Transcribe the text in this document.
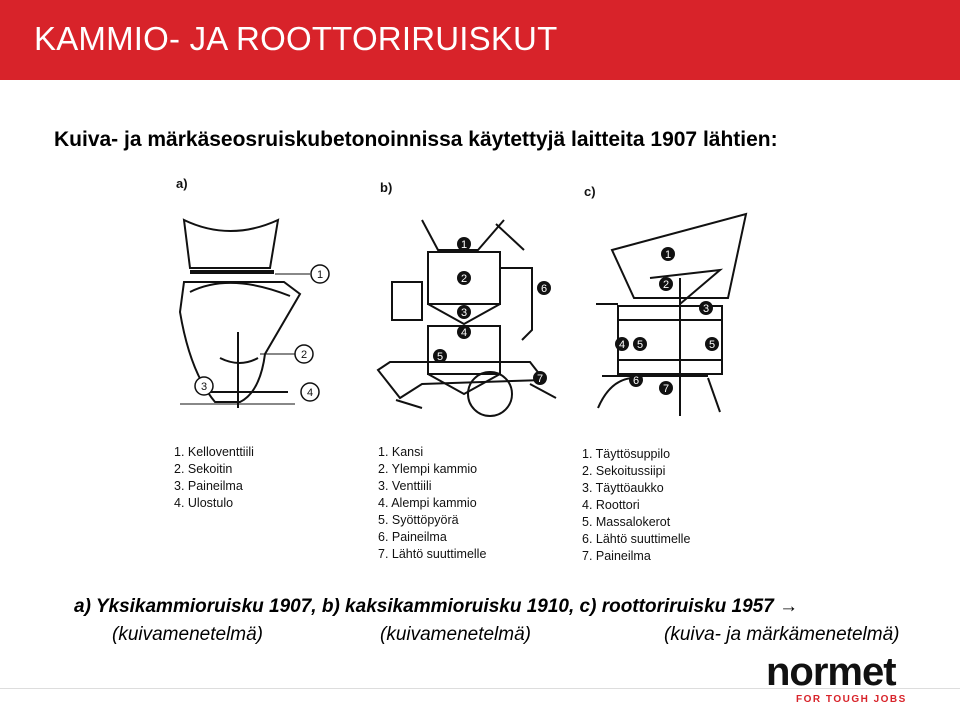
KAMMIO- JA ROOTTORIRUISKUT
Kuiva- ja märkäseosruiskubetonoinnissa käytettyjä laitteita 1907 lähtien:
1
2
3	4
1
2
3
4
5
6
7
1
2
3
4 5	5
6
7
a)	b)	c)
1. Kelloventtiili
2. Sekoitin
3. Paineilma
4. Ulostulo
1. Kansi
2. Ylempi kammio
3. Venttiili
4. Alempi kammio
5. Syöttöpyörä
6. Paineilma
7. Lähtö suuttimelle
1. Täyttösuppilo
2. Sekoitussiipi
3. Täyttöaukko
4. Roottori
5. Massalokerot
6. Lähtö suuttimelle
7. Paineilma
a) Yksikammioruisku 1907, b) kaksikammioruisku 1910, c) roottoriruisku 1957 →
(kuivamenetelmä)	(kuivamenetelmä)	(kuiva- ja märkämenetelmä)
normet
FOR TOUGH JOBS
